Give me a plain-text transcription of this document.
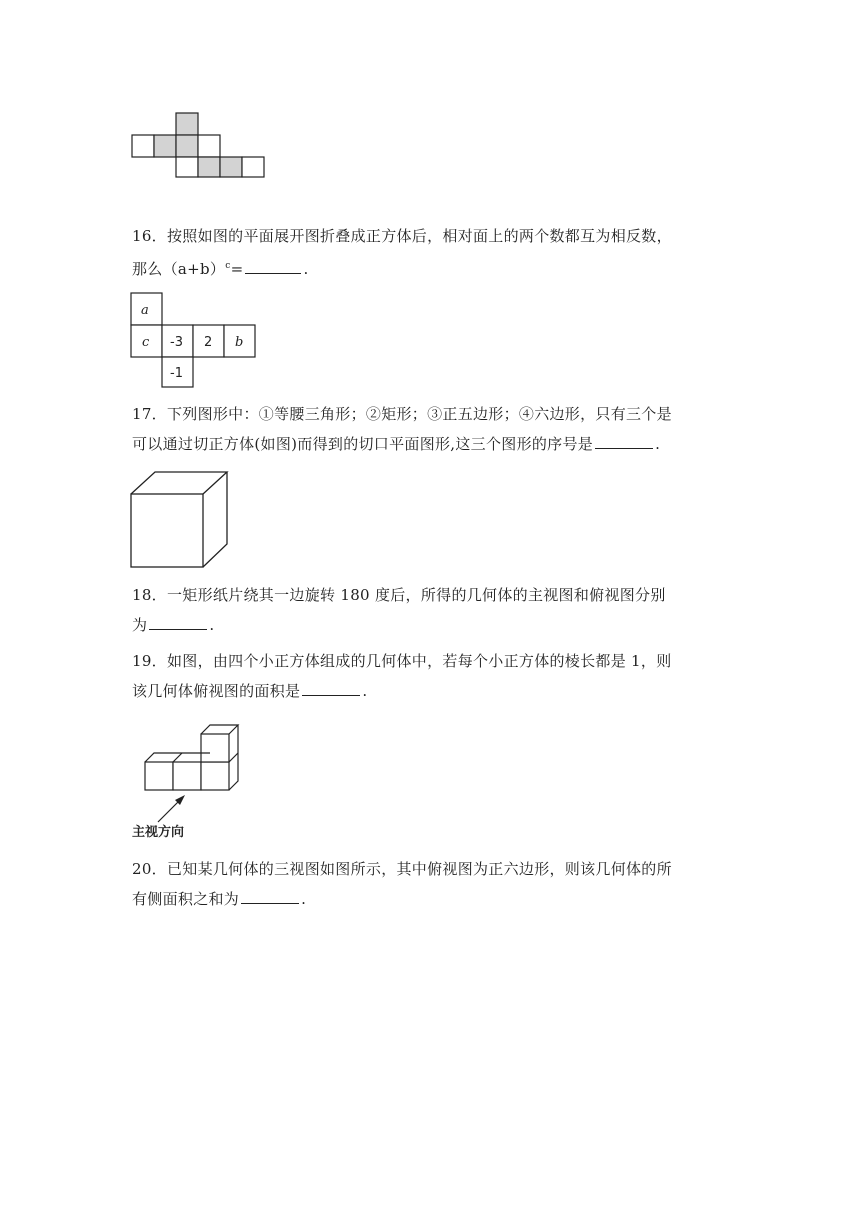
16．按照如图的平面展开图折叠成正方体后，相对面上的两个数都互为相反数，
那么$(a+b)^c=$	.
a
c -3 2 b
-1
17．下列图形中：①等腰三角形；②矩形；③正五边形；④六边形，只有三个是
可以通过切正方体(如图)而得到的切口平面图形,这三个图形的序号是	.
18．一矩形纸片绕其一边旋转 180 度后，所得的几何体的主视图和俯视图分别
为	.
19．如图，由四个小正方体组成的几何体中，若每个小正方体的棱长都是 1，则
该几何体俯视图的面积是	.
主视方向
20．已知某几何体的三视图如图所示，其中俯视图为正六边形，则该几何体的所
有侧面积之和为	.
